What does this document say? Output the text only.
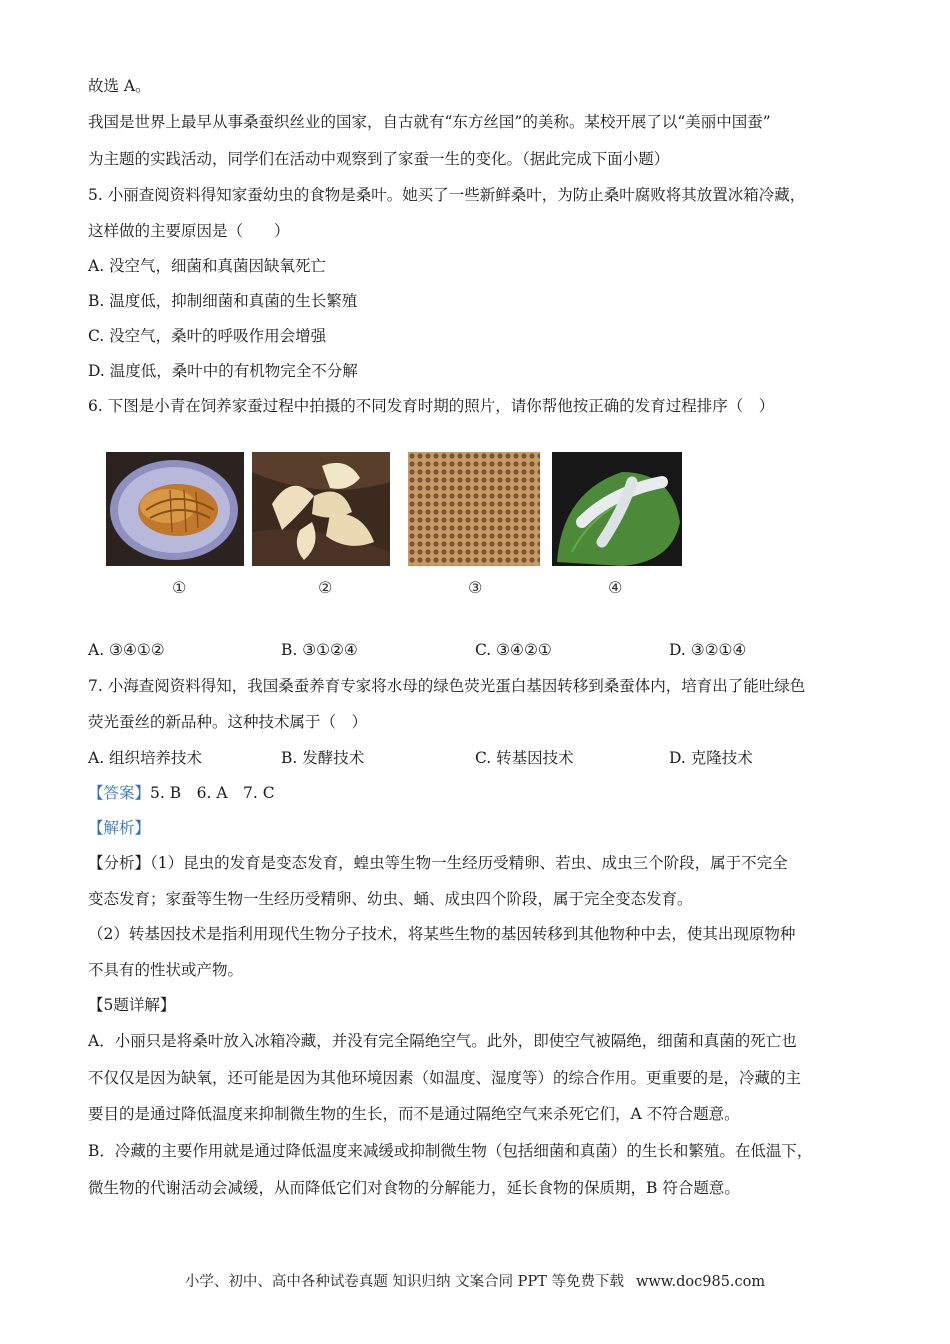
故选 A。
我国是世界上最早从事桑蚕织丝业的国家，自古就有“东方丝国”的美称。某校开展了以“美丽中国蚕”
为主题的实践活动，同学们在活动中观察到了家蚕一生的变化。（据此完成下面小题）
5. 小丽查阅资料得知家蚕幼虫的食物是桑叶。她买了一些新鲜桑叶，为防止桑叶腐败将其放置冰箱冷藏，
这样做的主要原因是（　　）
A. 没空气，细菌和真菌因缺氧死亡
B. 温度低，抑制细菌和真菌的生长繁殖
C. 没空气，桑叶的呼吸作用会增强
D. 温度低，桑叶中的有机物完全不分解
6. 下图是小青在饲养家蚕过程中拍摄的不同发育时期的照片，请你帮他按正确的发育过程排序（　）
①	②	③	④
A. ③④①②	B. ③①②④	C. ③④②①	D. ③②①④
7. 小海查阅资料得知，我国桑蚕养育专家将水母的绿色荧光蛋白基因转移到桑蚕体内，培育出了能吐绿色
荧光蚕丝的新品种。这种技术属于（　）
A. 组织培养技术	B. 发酵技术	C. 转基因技术	D. 克隆技术
【答案】5. B　6. A　7. C
【解析】
【分析】（1）昆虫的发育是变态发育，蝗虫等生物一生经历受精卵、若虫、成虫三个阶段，属于不完全
变态发育；家蚕等生物一生经历受精卵、幼虫、蛹、成虫四个阶段，属于完全变态发育。
（2）转基因技术是指利用现代生物分子技术，将某些生物的基因转移到其他物种中去，使其出现原物种
不具有的性状或产物。
【5题详解】
A．小丽只是将桑叶放入冰箱冷藏，并没有完全隔绝空气。此外，即使空气被隔绝，细菌和真菌的死亡也
不仅仅是因为缺氧，还可能是因为其他环境因素（如温度、湿度等）的综合作用。更重要的是，冷藏的主
要目的是通过降低温度来抑制微生物的生长，而不是通过隔绝空气来杀死它们，A 不符合题意。
B．冷藏的主要作用就是通过降低温度来减缓或抑制微生物（包括细菌和真菌）的生长和繁殖。在低温下，
微生物的代谢活动会减缓，从而降低它们对食物的分解能力，延长食物的保质期，B 符合题意。
小学、初中、高中各种试卷真题 知识归纳 文案合同 PPT 等免费下载 www.doc985.com
